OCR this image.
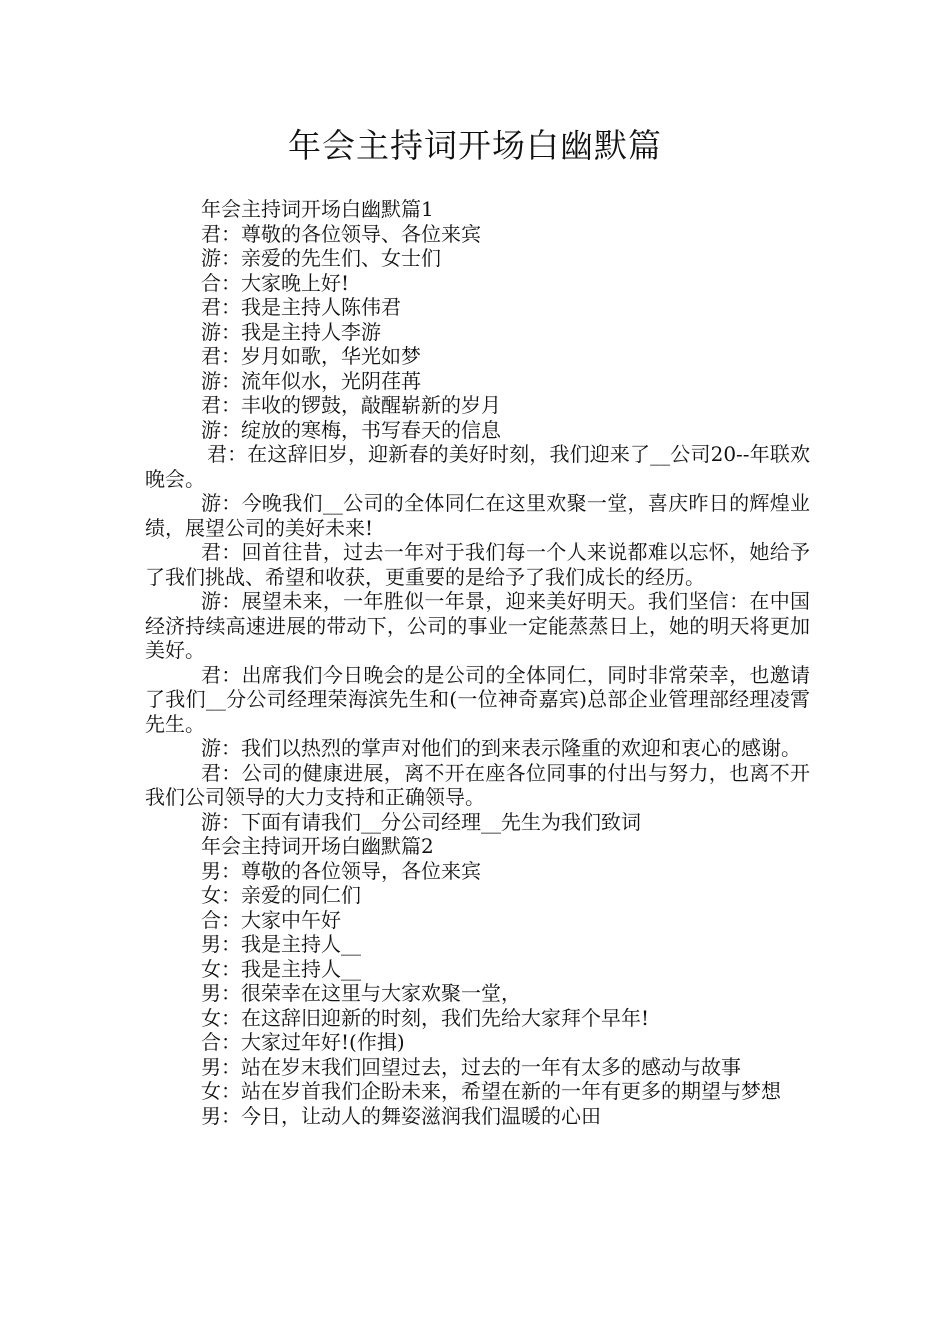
年会主持词开场白幽默篇

年会主持词开场白幽默篇1

君：尊敬的各位领导、各位来宾

游：亲爱的先生们、女士们

合：大家晚上好!

君：我是主持人陈伟君

游：我是主持人李游

君：岁月如歌，华光如梦

游：流年似水，光阴荏苒

君：丰收的锣鼓，敲醒崭新的岁月

游：绽放的寒梅，书写春天的信息

君：在这辞旧岁，迎新春的美好时刻，我们迎来了__公司20--年联欢晚会。

游：今晚我们__公司的全体同仁在这里欢聚一堂，喜庆昨日的辉煌业绩，展望公司的美好未来!

君：回首往昔，过去一年对于我们每一个人来说都难以忘怀，她给予了我们挑战、希望和收获，更重要的是给予了我们成长的经历。

游：展望未来，一年胜似一年景，迎来美好明天。我们坚信：在中国经济持续高速进展的带动下，公司的事业一定能蒸蒸日上，她的明天将更加美好。

君：出席我们今日晚会的是公司的全体同仁，同时非常荣幸，也邀请了我们__分公司经理荣海滨先生和(一位神奇嘉宾)总部企业管理部经理凌霄先生。

游：我们以热烈的掌声对他们的到来表示隆重的欢迎和衷心的感谢。

君：公司的健康进展，离不开在座各位同事的付出与努力，也离不开我们公司领导的大力支持和正确领导。

游：下面有请我们__分公司经理__先生为我们致词

年会主持词开场白幽默篇2

男：尊敬的各位领导，各位来宾

女：亲爱的同仁们

合：大家中午好

男：我是主持人__

女：我是主持人__

男：很荣幸在这里与大家欢聚一堂，

女：在这辞旧迎新的时刻，我们先给大家拜个早年!

合：大家过年好!(作揖)

男：站在岁末我们回望过去，过去的一年有太多的感动与故事

女：站在岁首我们企盼未来，希望在新的一年有更多的期望与梦想

男：今日，让动人的舞姿滋润我们温暖的心田
